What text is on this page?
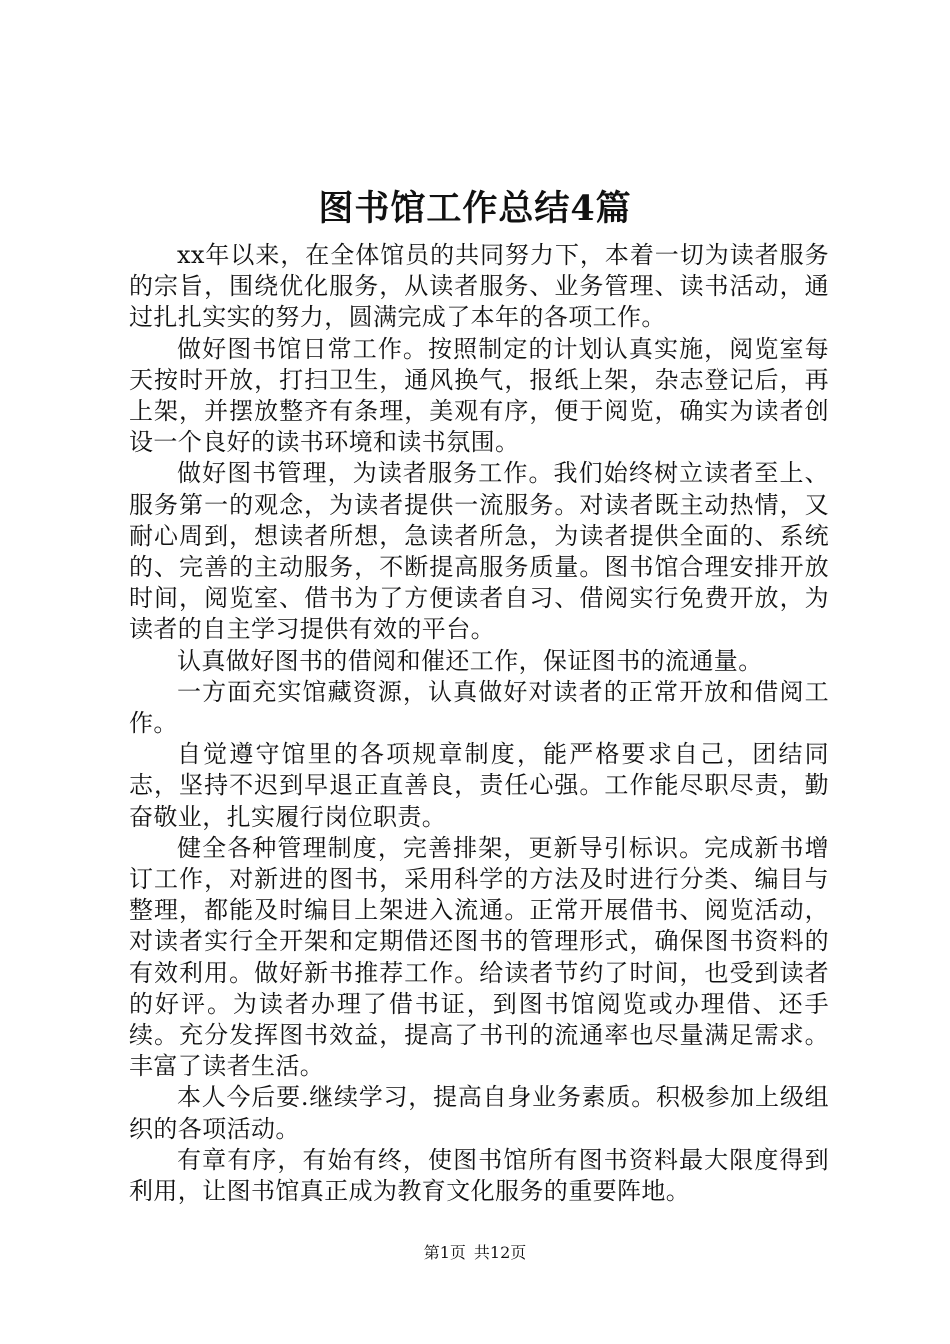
图书馆工作总结4篇

xx年以来，在全体馆员的共同努力下，本着一切为读者服务的宗旨，围绕优化服务，从读者服务、业务管理、读书活动，通过扎扎实实的努力，圆满完成了本年的各项工作。

做好图书馆日常工作。按照制定的计划认真实施，阅览室每天按时开放，打扫卫生，通风换气，报纸上架，杂志登记后，再上架，并摆放整齐有条理，美观有序，便于阅览，确实为读者创设一个良好的读书环境和读书氛围。

做好图书管理，为读者服务工作。我们始终树立读者至上、服务第一的观念，为读者提供一流服务。对读者既主动热情，又耐心周到，想读者所想，急读者所急，为读者提供全面的、系统的、完善的主动服务，不断提高服务质量。图书馆合理安排开放时间，阅览室、借书为了方便读者自习、借阅实行免费开放，为读者的自主学习提供有效的平台。

认真做好图书的借阅和催还工作，保证图书的流通量。

一方面充实馆藏资源，认真做好对读者的正常开放和借阅工作。

自觉遵守馆里的各项规章制度，能严格要求自己，团结同志，坚持不迟到早退正直善良，责任心强。工作能尽职尽责，勤奋敬业，扎实履行岗位职责。

健全各种管理制度，完善排架，更新导引标识。完成新书增订工作，对新进的图书，采用科学的方法及时进行分类、编目与整理，都能及时编目上架进入流通。正常开展借书、阅览活动，对读者实行全开架和定期借还图书的管理形式，确保图书资料的有效利用。做好新书推荐工作。给读者节约了时间，也受到读者的好评。为读者办理了借书证，到图书馆阅览或办理借、还手续。充分发挥图书效益，提高了书刊的流通率也尽量满足需求。丰富了读者生活。

本人今后要.继续学习，提高自身业务素质。积极参加上级组织的各项活动。

有章有序，有始有终，使图书馆所有图书资料最大限度得到利用，让图书馆真正成为教育文化服务的重要阵地。

第1页 共12页
